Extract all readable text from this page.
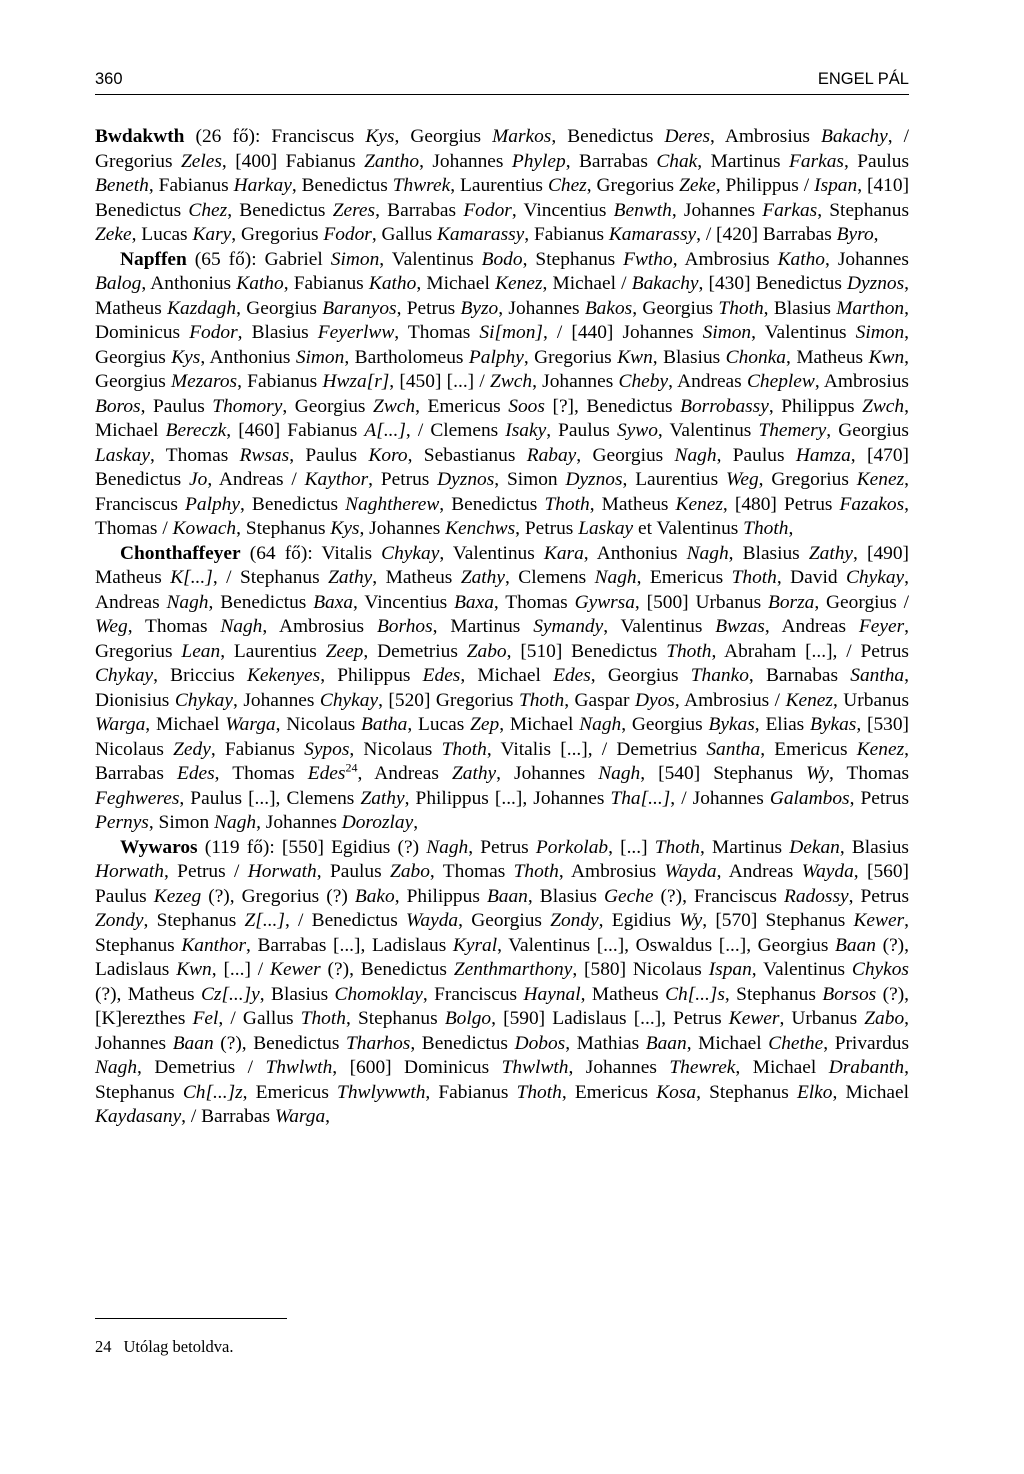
360	ENGEL PÁL

Bwdakwth (26 fő): Franciscus Kys, Georgius Markos, Benedictus Deres, Ambrosius Bakachy, / Gregorius Zeles, [400] Fabianus Zantho, Johannes Phylep, Barrabas Chak, Martinus Farkas, Paulus Beneth, Fabianus Harkay, Benedictus Thwrek, Laurentius Chez, Gregorius Zeke, Philippus / Ispan, [410] Benedictus Chez, Benedictus Zeres, Barrabas Fodor, Vincentius Benwth, Johannes Farkas, Stephanus Zeke, Lucas Kary, Gregorius Fodor, Gallus Kamarassy, Fabianus Kamarassy, / [420] Barrabas Byro,

Napffen (65 fő): Gabriel Simon, Valentinus Bodo, Stephanus Fwtho, Ambrosius Katho, Johannes Balog, Anthonius Katho, Fabianus Katho, Michael Kenez, Michael / Bakachy, [430] Benedictus Dyznos, Matheus Kazdagh, Georgius Baranyos, Petrus Byzo, Johannes Bakos, Georgius Thoth, Blasius Marthon, Dominicus Fodor, Blasius Feyerlww, Thomas Si[mon], / [440] Johannes Simon, Valentinus Simon, Georgius Kys, Anthonius Simon, Bartholomeus Palphy, Gregorius Kwn, Blasius Chonka, Matheus Kwn, Georgius Mezaros, Fabianus Hwza[r], [450] [...] / Zwch, Johannes Cheby, Andreas Cheplew, Ambrosius Boros, Paulus Thomory, Georgius Zwch, Emericus Soos [?], Benedictus Borrobassy, Philippus Zwch, Michael Bereczk, [460] Fabianus A[...], / Clemens Isaky, Paulus Sywo, Valentinus Themery, Georgius Laskay, Thomas Rwsas, Paulus Koro, Sebastianus Rabay, Georgius Nagh, Paulus Hamza, [470] Benedictus Jo, Andreas / Kaythor, Petrus Dyznos, Simon Dyznos, Laurentius Weg, Gregorius Kenez, Franciscus Palphy, Benedictus Naghtherew, Benedictus Thoth, Matheus Kenez, [480] Petrus Fazakos, Thomas / Kowach, Stephanus Kys, Johannes Kenchws, Petrus Laskay et Valentinus Thoth,

Chonthaffeyer (64 fő): Vitalis Chykay, Valentinus Kara, Anthonius Nagh, Blasius Zathy, [490] Matheus K[...], / Stephanus Zathy, Matheus Zathy, Clemens Nagh, Emericus Thoth, David Chykay, Andreas Nagh, Benedictus Baxa, Vincentius Baxa, Thomas Gywrsa, [500] Urbanus Borza, Georgius / Weg, Thomas Nagh, Ambrosius Borhos, Martinus Symandy, Valentinus Bwzas, Andreas Feyer, Gregorius Lean, Laurentius Zeep, Demetrius Zabo, [510] Benedictus Thoth, Abraham [...], / Petrus Chykay, Briccius Kekenyes, Philippus Edes, Michael Edes, Georgius Thanko, Barnabas Santha, Dionisius Chykay, Johannes Chykay, [520] Gregorius Thoth, Gaspar Dyos, Ambrosius / Kenez, Urbanus Warga, Michael Warga, Nicolaus Batha, Lucas Zep, Michael Nagh, Georgius Bykas, Elias Bykas, [530] Nicolaus Zedy, Fabianus Sypos, Nicolaus Thoth, Vitalis [...], / Demetrius Santha, Emericus Kenez, Barrabas Edes, Thomas Edes$^{24}$, Andreas Zathy, Johannes Nagh, [540] Stephanus Wy, Thomas Feghweres, Paulus [...], Clemens Zathy, Philippus [...], Johannes Tha[...], / Johannes Galambos, Petrus Pernys, Simon Nagh, Johannes Dorozlay,

Wywaros (119 fő): [550] Egidius (?) Nagh, Petrus Porkolab, [...] Thoth, Martinus Dekan, Blasius Horwath, Petrus / Horwath, Paulus Zabo, Thomas Thoth, Ambrosius Wayda, Andreas Wayda, [560] Paulus Kezeg (?), Gregorius (?) Bako, Philippus Baan, Blasius Geche (?), Franciscus Radossy, Petrus Zondy, Stephanus Z[...], / Benedictus Wayda, Georgius Zondy, Egidius Wy, [570] Stephanus Kewer, Stephanus Kanthor, Barrabas [...], Ladislaus Kyral, Valentinus [...], Oswaldus [...], Georgius Baan (?), Ladislaus Kwn, [...] / Kewer (?), Benedictus Zenthmarthony, [580] Nicolaus Ispan, Valentinus Chykos (?), Matheus Cz[...]y, Blasius Chomoklay, Franciscus Haynal, Matheus Ch[...]s, Stephanus Borsos (?), [K]erezthes Fel, / Gallus Thoth, Stephanus Bolgo, [590] Ladislaus [...], Petrus Kewer, Urbanus Zabo, Johannes Baan (?), Benedictus Tharhos, Benedictus Dobos, Mathias Baan, Michael Chethe, Privardus Nagh, Demetrius / Thwlwth, [600] Dominicus Thwlwth, Johannes Thewrek, Michael Drabanth, Stephanus Ch[...]z, Emericus Thwlywwth, Fabianus Thoth, Emericus Kosa, Stephanus Elko, Michael Kaydasany, / Barrabas Warga,

24 Utólag betoldva.
